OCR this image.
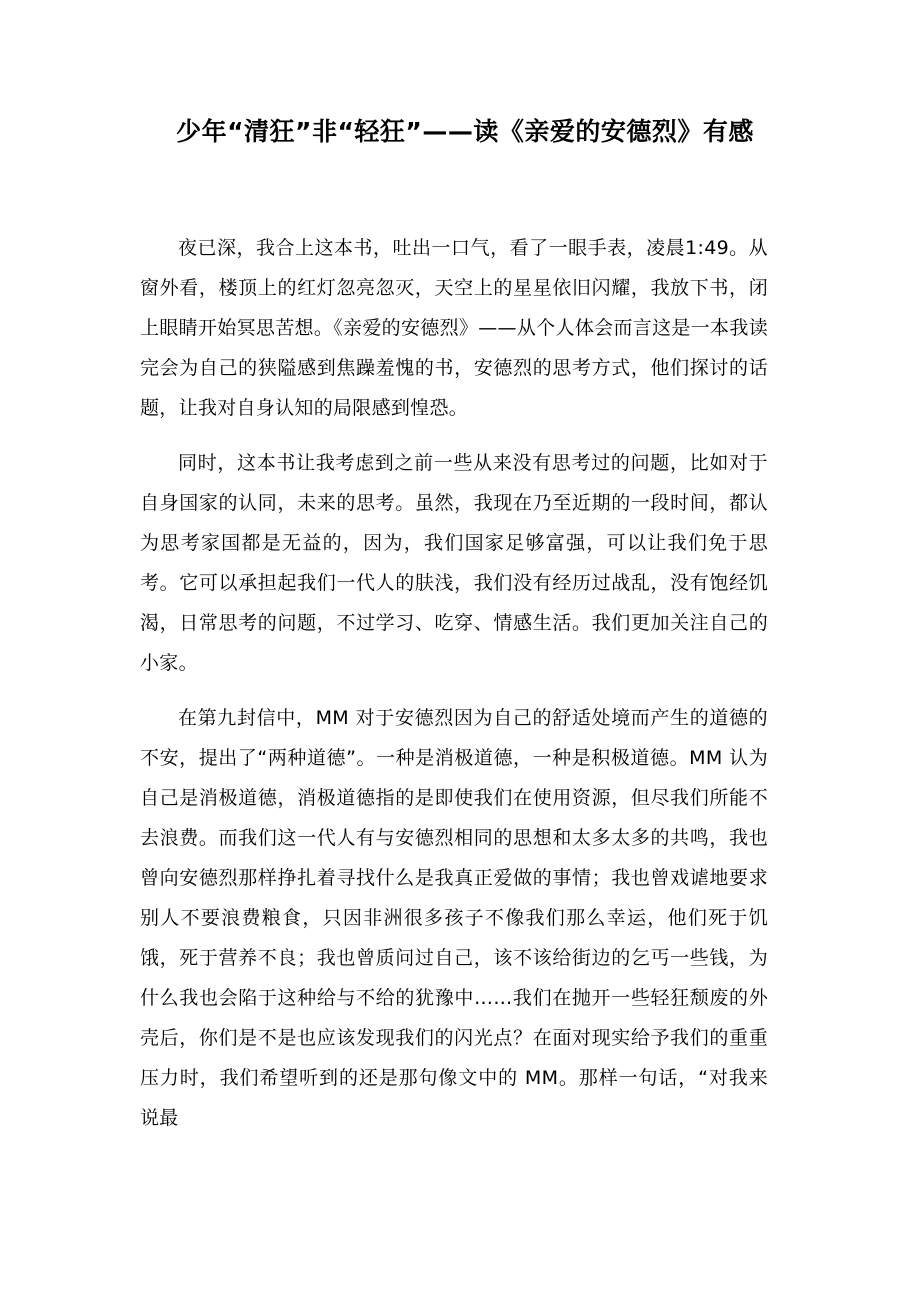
少年“清狂”非“轻狂”——读《亲爱的安德烈》有感

夜已深，我合上这本书，吐出一口气，看了一眼手表，凌晨1:49。从窗外看，楼顶上的红灯忽亮忽灭，天空上的星星依旧闪耀，我放下书，闭上眼睛开始冥思苦想。《亲爱的安德烈》——从个人体会而言这是一本我读完会为自己的狭隘感到焦躁羞愧的书，安德烈的思考方式，他们探讨的话题，让我对自身认知的局限感到惶恐。

同时，这本书让我考虑到之前一些从来没有思考过的问题，比如对于自身国家的认同，未来的思考。虽然，我现在乃至近期的一段时间，都认为思考家国都是无益的，因为，我们国家足够富强，可以让我们免于思考。它可以承担起我们一代人的肤浅，我们没有经历过战乱，没有饱经饥渴，日常思考的问题，不过学习、吃穿、情感生活。我们更加关注自己的小家。

在第九封信中，MM 对于安德烈因为自己的舒适处境而产生的道德的不安，提出了“两种道德”。一种是消极道德，一种是积极道德。MM 认为自己是消极道德，消极道德指的是即使我们在使用资源，但尽我们所能不去浪费。而我们这一代人有与安德烈相同的思想和太多太多的共鸣，我也曾向安德烈那样挣扎着寻找什么是我真正爱做的事情；我也曾戏谑地要求别人不要浪费粮食，只因非洲很多孩子不像我们那么幸运，他们死于饥饿，死于营养不良；我也曾质问过自己，该不该给街边的乞丐一些钱，为什么我也会陷于这种给与不给的犹豫中……我们在抛开一些轻狂颓废的外壳后，你们是不是也应该发现我们的闪光点？在面对现实给予我们的重重压力时，我们希望听到的还是那句像文中的 MM。那样一句话，“对我来说最
